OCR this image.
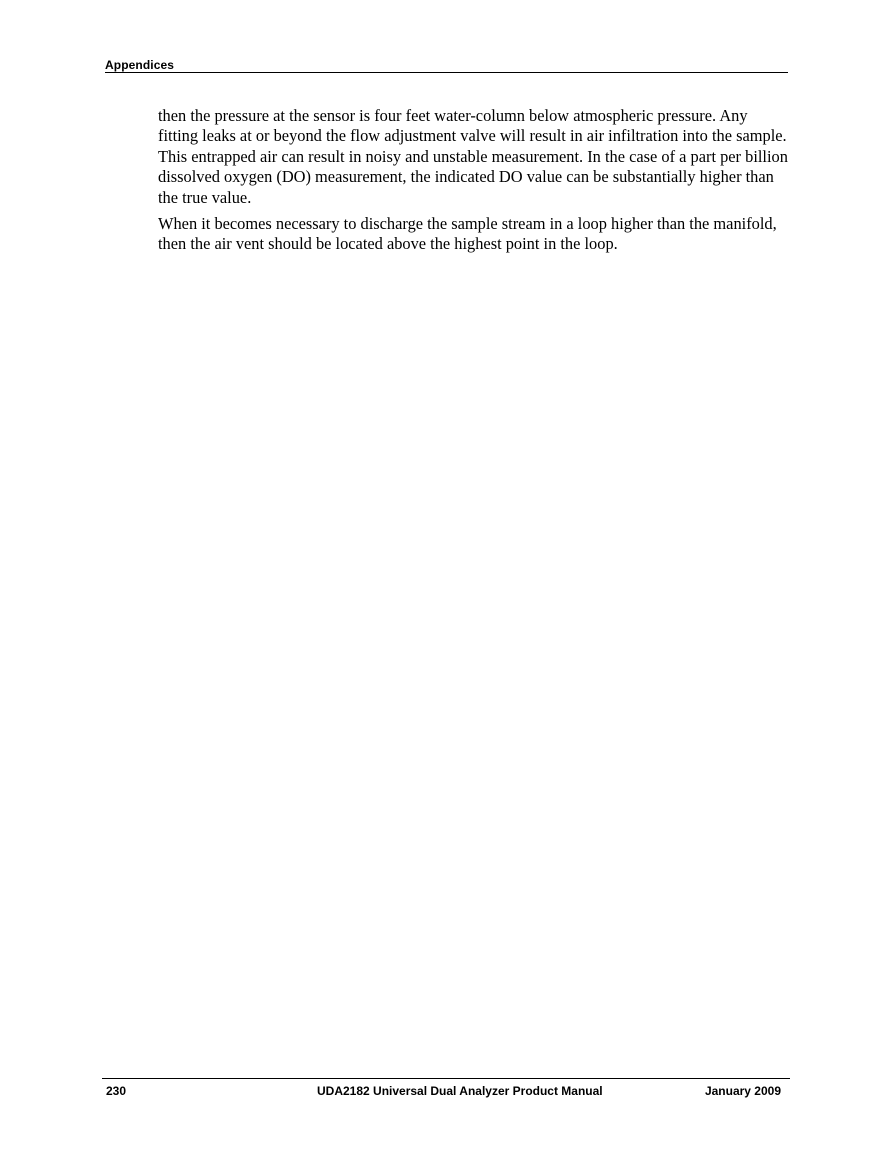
Appendices

then the pressure at the sensor is four feet water-column below atmospheric pressure. Any fitting leaks at or beyond the flow adjustment valve will result in air infiltration into the sample. This entrapped air can result in noisy and unstable measurement. In the case of a part per billion dissolved oxygen (DO) measurement, the indicated DO value can be substantially higher than the true value.

When it becomes necessary to discharge the sample stream in a loop higher than the manifold, then the air vent should be located above the highest point in the loop.

230	UDA2182 Universal Dual Analyzer Product Manual	January 2009
